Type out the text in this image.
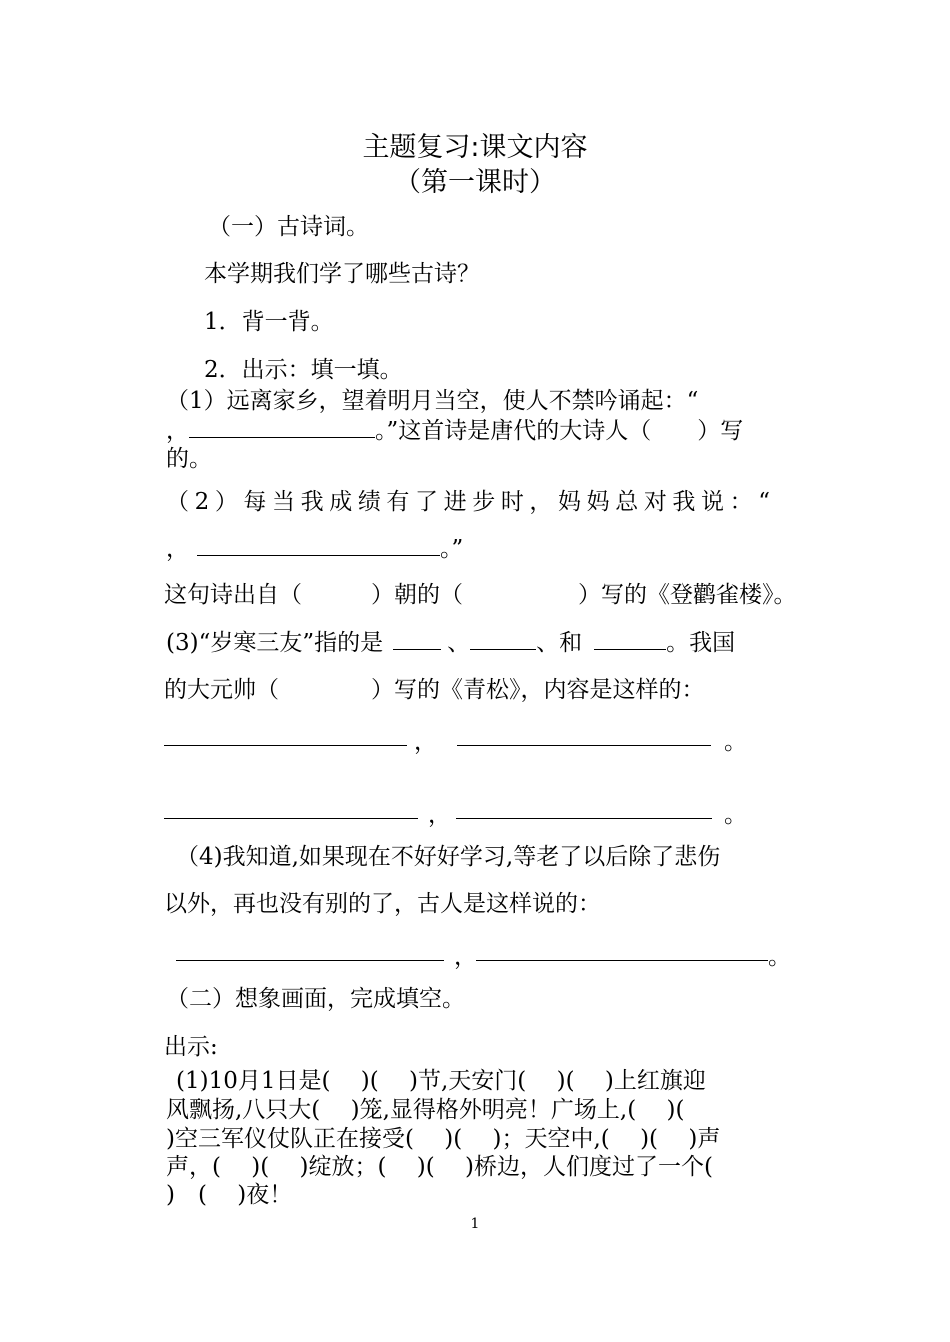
主题复习:课文内容
（第一课时）
（一）古诗词。
本学期我们学了哪些古诗？
1．背一背。
2．出示：填一填。
（1）远离家乡，望着明月当空，使人不禁吟诵起：“
，	。”这首诗是唐代的大诗人（　　）写
的。
（2）每当我成绩有了进步时，妈妈总对我说：“
，	。”
这句诗出自（　　　）朝的（　　　　　）写的《登鹳雀楼》。
(3)“岁寒三友”指的是	、	、和	。我国
的大元帅（　　　　）写的《青松》，内容是这样的：
，	。
，	。
（4)我知道,如果现在不好好学习,等老了以后除了悲伤
以外，再也没有别的了，古人是这样说的：
，	。
（二）想象画面，完成填空。
出示:
(1)10月1日是(　 )(　 )节,天安门(　 )(　 )上红旗迎
风飘扬,八只大(　 )笼,显得格外明亮！广场上,(　 )(
)空三军仪仗队正在接受(　 )(　 )；天空中,(　 )(　 )声
声，(　 )(　 )绽放；(　 )(　 )桥边，人们度过了一个(
)　(　 )夜！
1
